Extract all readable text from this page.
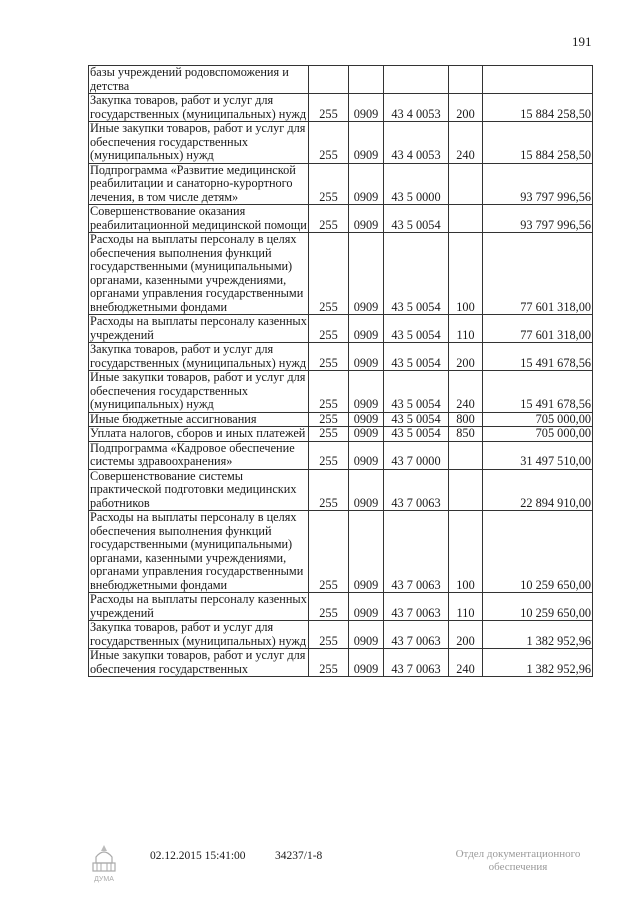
191
базы учреждений родовспоможения и детства					
Закупка товаров, работ и услуг для государственных (муниципальных) нужд	255	0909	43 4 0053	200	15 884 258,50
Иные закупки товаров, работ и услуг для обеспечения государственных (муниципальных) нужд	255	0909	43 4 0053	240	15 884 258,50
Подпрограмма «Развитие медицинской реабилитации и санаторно-курортного лечения, в том числе детям»	255	0909	43 5 0000		93 797 996,56
Совершенствование оказания реабилитационной медицинской помощи	255	0909	43 5 0054		93 797 996,56
Расходы на выплаты персоналу в целях обеспечения выполнения функций государственными (муниципальными) органами, казенными учреждениями, органами управления государственными внебюджетными фондами	255	0909	43 5 0054	100	77 601 318,00
Расходы на выплаты персоналу казенных учреждений	255	0909	43 5 0054	110	77 601 318,00
Закупка товаров, работ и услуг для государственных (муниципальных) нужд	255	0909	43 5 0054	200	15 491 678,56
Иные закупки товаров, работ и услуг для обеспечения государственных (муниципальных) нужд	255	0909	43 5 0054	240	15 491 678,56
Иные бюджетные ассигнования	255	0909	43 5 0054	800	705 000,00
Уплата налогов, сборов и иных платежей	255	0909	43 5 0054	850	705 000,00
Подпрограмма «Кадровое обеспечение системы здравоохранения»	255	0909	43 7 0000		31 497 510,00
Совершенствование системы практической подготовки медицинских работников	255	0909	43 7 0063		22 894 910,00
Расходы на выплаты персоналу в целях обеспечения выполнения функций государственными (муниципальными) органами, казенными учреждениями, органами управления государственными внебюджетными фондами	255	0909	43 7 0063	100	10 259 650,00
Расходы на выплаты персоналу казенных учреждений	255	0909	43 7 0063	110	10 259 650,00
Закупка товаров, работ и услуг для государственных (муниципальных) нужд	255	0909	43 7 0063	200	1 382 952,96
Иные закупки товаров, работ и услуг для обеспечения государственных	255	0909	43 7 0063	240	1 382 952,96
ДУМА
02.12.2015 15:41:00	34237/1-8	Отдел документационного
обеспечения
